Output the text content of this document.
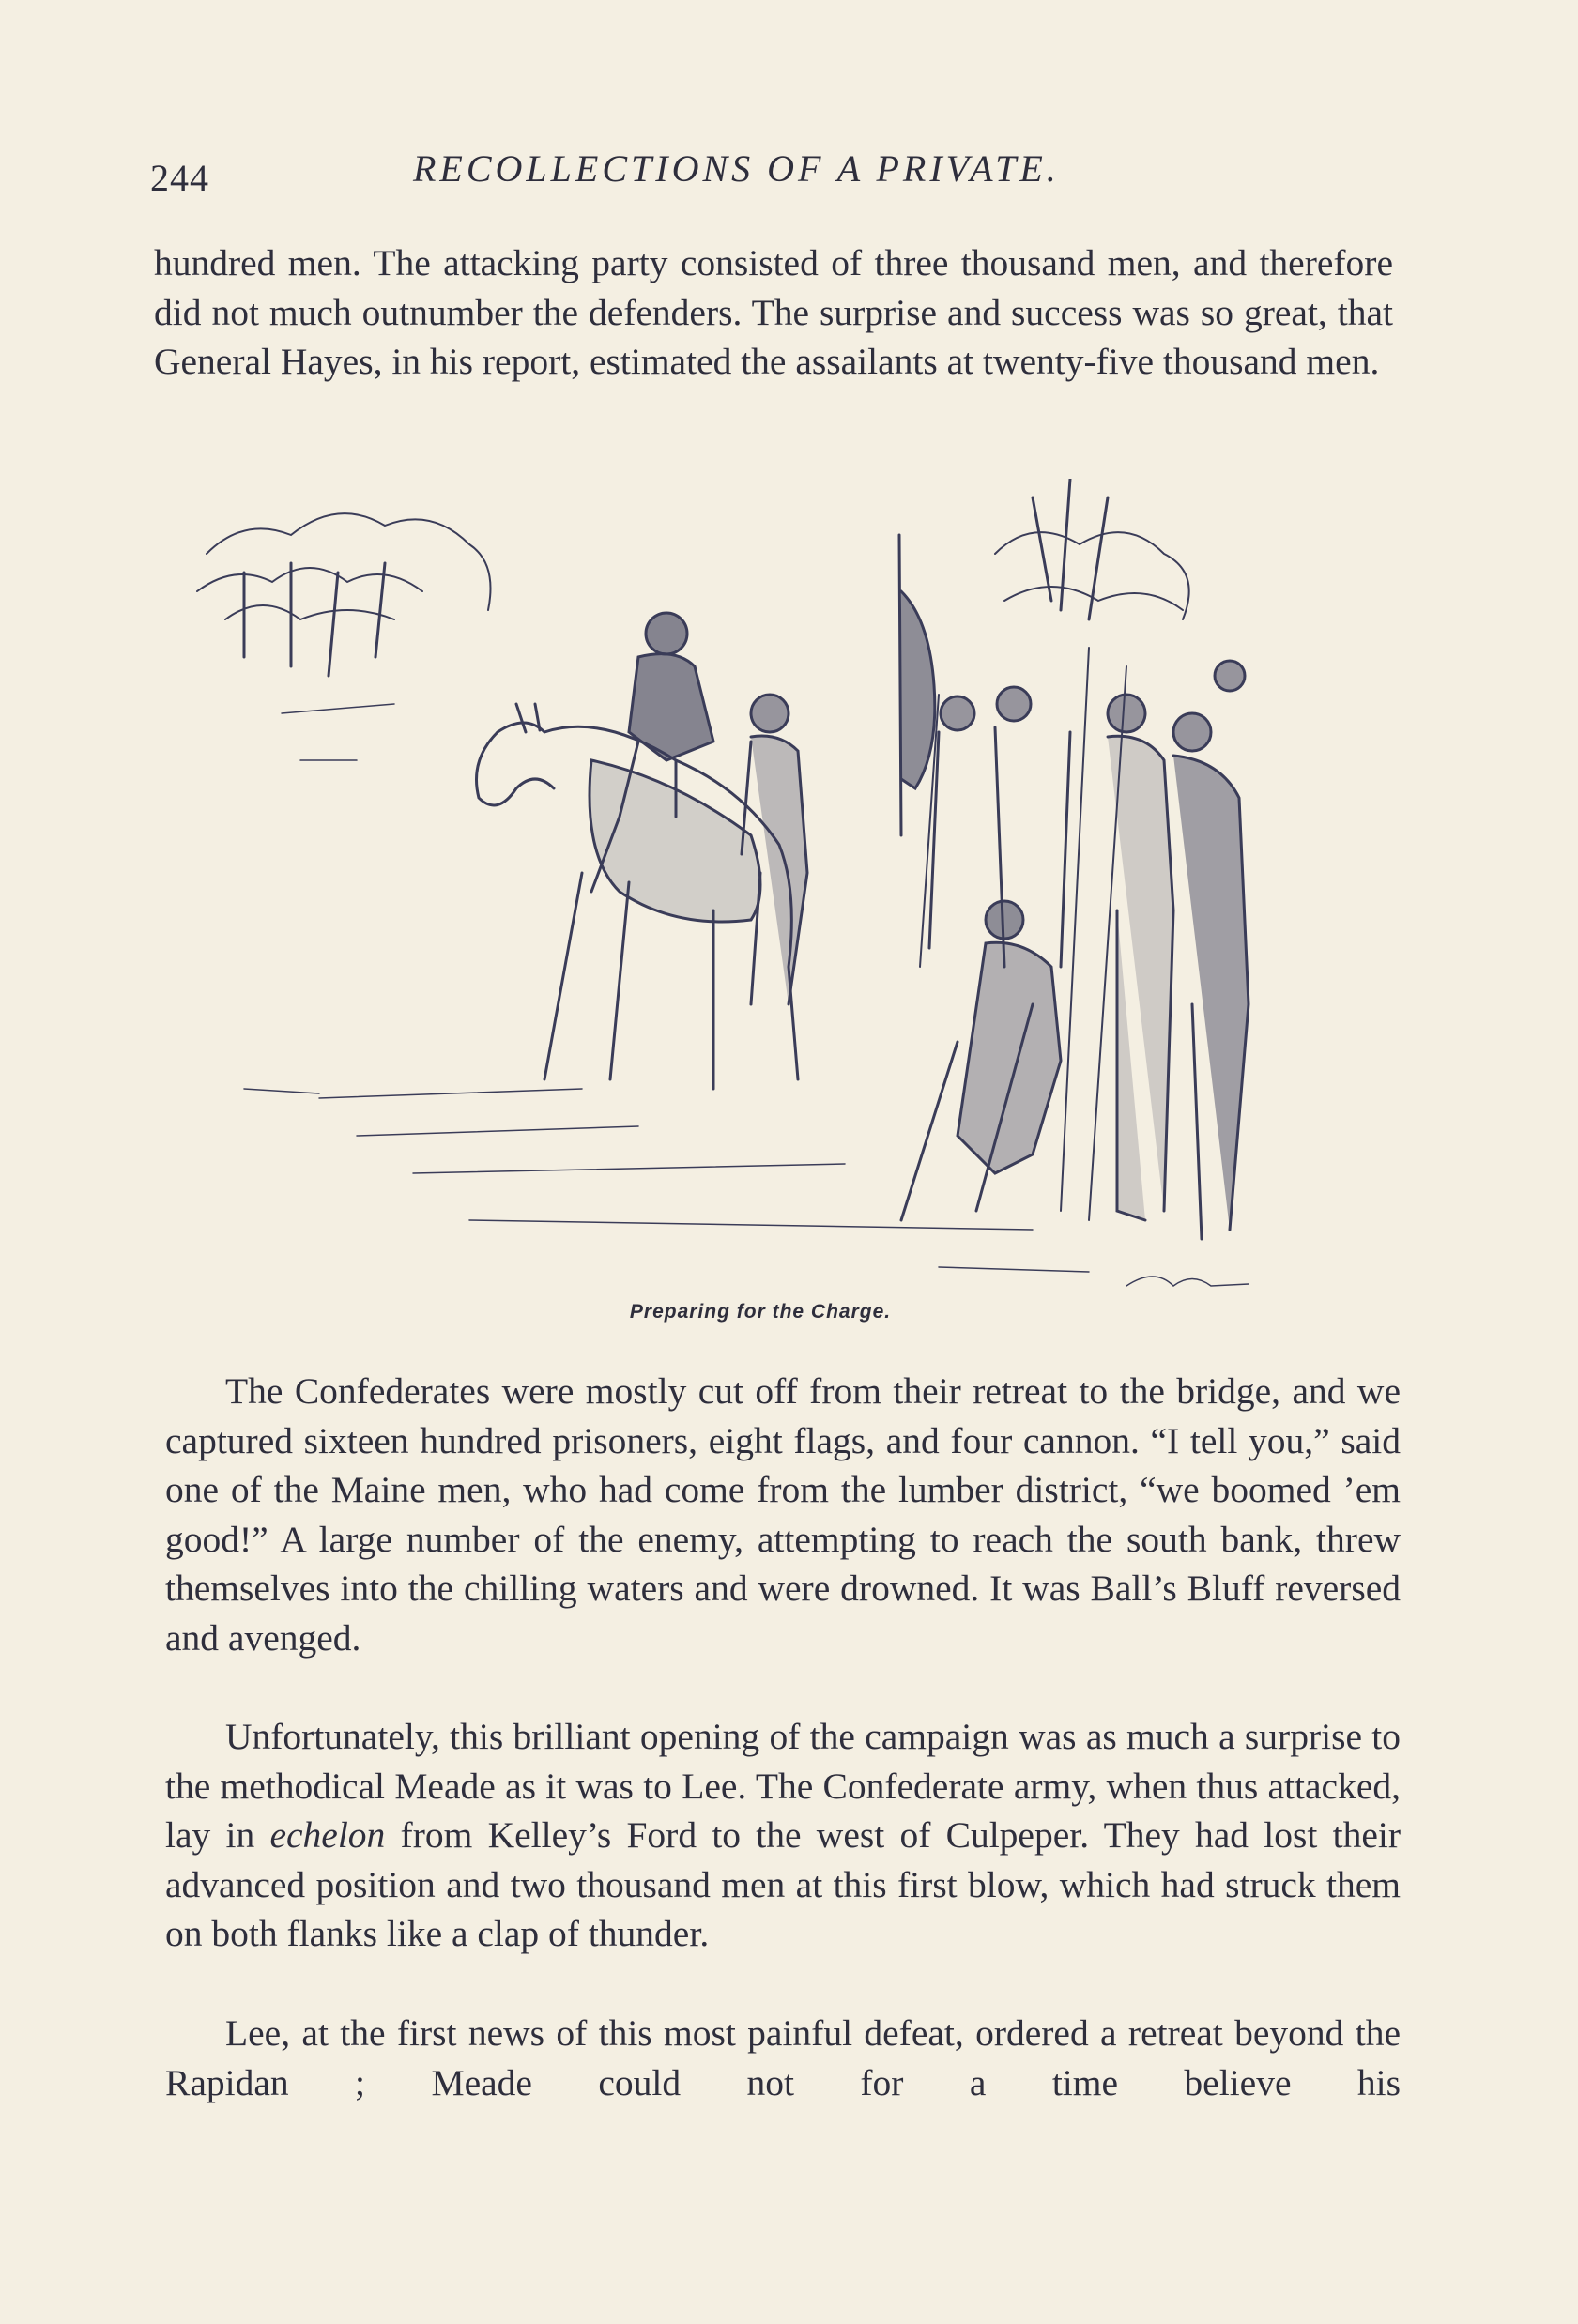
244	RECOLLECTIONS OF A PRIVATE.

hundred men. The attacking party consisted of three thousand men, and therefore did not much outnumber the defenders. The surprise and success was so great, that General Hayes, in his report, estimated the assailants at twenty-five thousand men.

Preparing for the Charge.

The Confederates were mostly cut off from their retreat to the bridge, and we captured sixteen hundred prisoners, eight flags, and four cannon. “I tell you,” said one of the Maine men, who had come from the lumber district, “we boomed ’em good!” A large number of the enemy, attempting to reach the south bank, threw themselves into the chilling waters and were drowned. It was Ball’s Bluff reversed and avenged.

Unfortunately, this brilliant opening of the campaign was as much a surprise to the methodical Meade as it was to Lee. The Confederate army, when thus attacked, lay in echelon from Kelley’s Ford to the west of Culpeper. They had lost their advanced position and two thousand men at this first blow, which had struck them on both flanks like a clap of thunder.

Lee, at the first news of this most painful defeat, ordered a retreat beyond the Rapidan ; Meade could not for a time believe his
